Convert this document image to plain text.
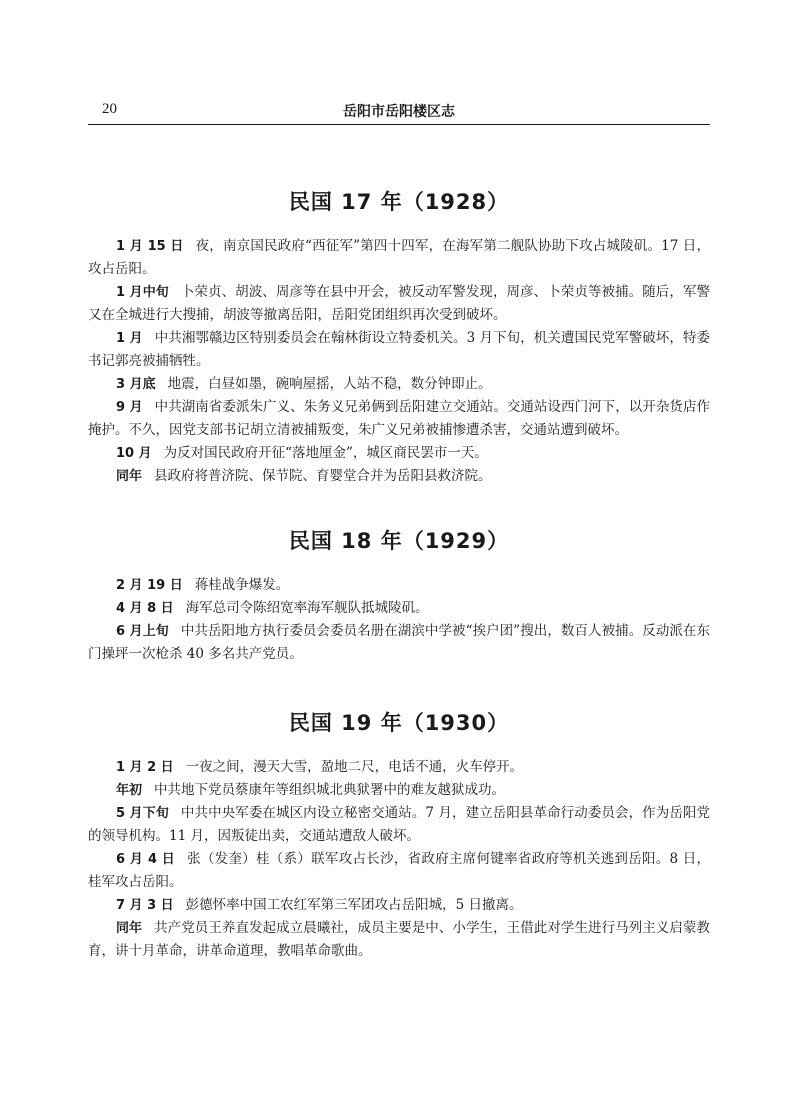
20	岳阳市岳阳楼区志
民国 17 年（1928）

1 月 15 日 夜，南京国民政府“西征军”第四十四军，在海军第二舰队协助下攻占城陵矶。17 日，攻占岳阳。

1 月中旬 卜荣贞、胡波、周彦等在县中开会，被反动军警发现，周彦、卜荣贞等被捕。随后，军警又在全城进行大搜捕，胡波等撤离岳阳，岳阳党团组织再次受到破坏。

1 月 中共湘鄂赣边区特别委员会在翰林街设立特委机关。3 月下旬，机关遭国民党军警破坏，特委书记郭亮被捕牺牲。

3 月底 地震，白昼如墨，碗响屋摇，人站不稳，数分钟即止。

9 月 中共湖南省委派朱广义、朱务义兄弟俩到岳阳建立交通站。交通站设西门河下，以开杂货店作掩护。不久，因党支部书记胡立清被捕叛变，朱广义兄弟被捕惨遭杀害，交通站遭到破坏。

10 月 为反对国民政府开征“落地厘金”，城区商民罢市一天。

同年 县政府将普济院、保节院、育婴堂合并为岳阳县救济院。

民国 18 年（1929）

2 月 19 日 蒋桂战争爆发。

4 月 8 日 海军总司令陈绍宽率海军舰队抵城陵矶。

6 月上旬 中共岳阳地方执行委员会委员名册在湖滨中学被“挨户团”搜出，数百人被捕。反动派在东门操坪一次枪杀 40 多名共产党员。

民国 19 年（1930）

1 月 2 日 一夜之间，漫天大雪，盈地二尺，电话不通，火车停开。

年初 中共地下党员蔡康年等组织城北典狱署中的难友越狱成功。

5 月下旬 中共中央军委在城区内设立秘密交通站。7 月，建立岳阳县革命行动委员会，作为岳阳党的领导机构。11 月，因叛徒出卖，交通站遭敌人破坏。

6 月 4 日 张（发奎）桂（系）联军攻占长沙，省政府主席何键率省政府等机关逃到岳阳。8 日，桂军攻占岳阳。

7 月 3 日 彭德怀率中国工农红军第三军团攻占岳阳城，5 日撤离。

同年 共产党员王养直发起成立晨曦社，成员主要是中、小学生，王借此对学生进行马列主义启蒙教育，讲十月革命，讲革命道理，教唱革命歌曲。
